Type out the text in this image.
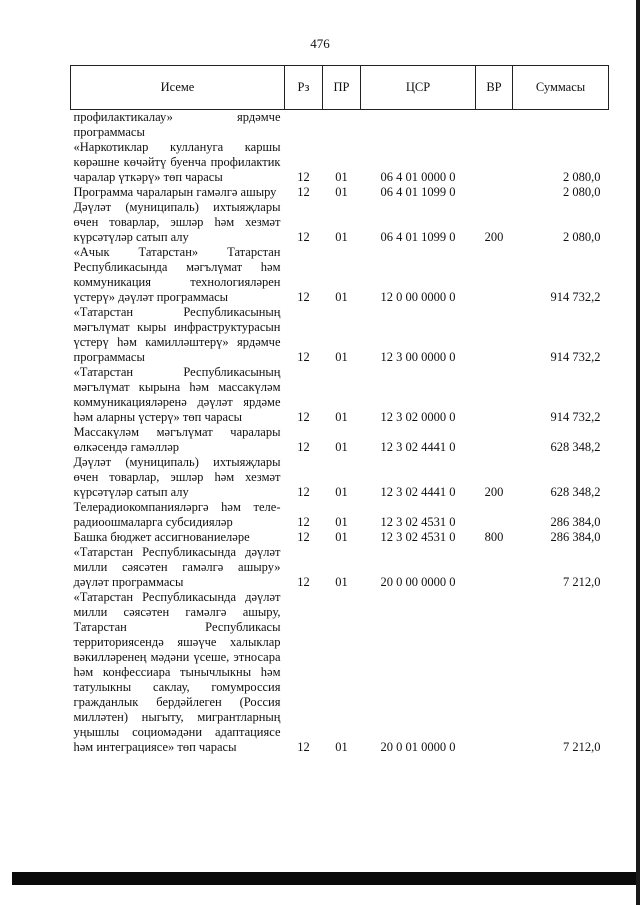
476
Исеме	Рз	ПР	ЦСР	ВР	Суммасы
профилактикалау» ярдәмче программасы					
«Наркотиклар куллануга каршы көрәшне көчәйтү буенча профилактик чаралар үткәрү» төп чарасы	12	01	06 4 01 0000 0		2 080,0
Программа чараларын гамәлгә ашыру	12	01	06 4 01 1099 0		2 080,0
Дәүләт (муниципаль) ихтыяҗлары өчен товарлар, эшләр һәм хезмәт күрсәтүләр сатып алу	12	01	06 4 01 1099 0	200	2 080,0
«Ачык Татарстан» Татарстан Республикасында мәгълүмат һәм коммуникация технологияләрен үстерү» дәүләт программасы	12	01	12 0 00 0000 0		914 732,2
«Татарстан Республикасының мәгълүмат кыры инфраструктурасын үстерү һәм камилләштерү» ярдәмче программасы	12	01	12 3 00 0000 0		914 732,2
«Татарстан Республикасының мәгълүмат кырына һәм массакүләм коммуникацияләренә дәүләт ярдәме һәм аларны үстерү» төп чарасы	12	01	12 3 02 0000 0		914 732,2
Массакүләм мәгълүмат чаралары өлкәсендә гамәлләр	12	01	12 3 02 4441 0		628 348,2
Дәүләт (муниципаль) ихтыяҗлары өчен товарлар, эшләр һәм хезмәт күрсәтүләр сатып алу	12	01	12 3 02 4441 0	200	628 348,2
Телерадиокомпанияләргә һәм теле-радиоошмаларга субсидияләр	12	01	12 3 02 4531 0		286 384,0
Башка бюджет ассигнованиеләре	12	01	12 3 02 4531 0	800	286 384,0
«Татарстан Республикасында дәүләт милли сәясәтен гамәлгә ашыру» дәүләт программасы	12	01	20 0 00 0000 0		7 212,0
«Татарстан Республикасында дәүләт милли сәясәтен гамәлгә ашыру, Татарстан Республикасы территориясендә яшәүче халыклар вәкилләренең мәдәни үсеше, этносара һәм конфессиара тынычлыкны һәм татулыкны саклау, гомумроссия гражданлык бердәйлеген (Россия милләтен) ныгыту, мигрантларның уңышлы социомәдәни адаптациясе һәм интеграциясе» төп чарасы	12	01	20 0 01 0000 0		7 212,0
